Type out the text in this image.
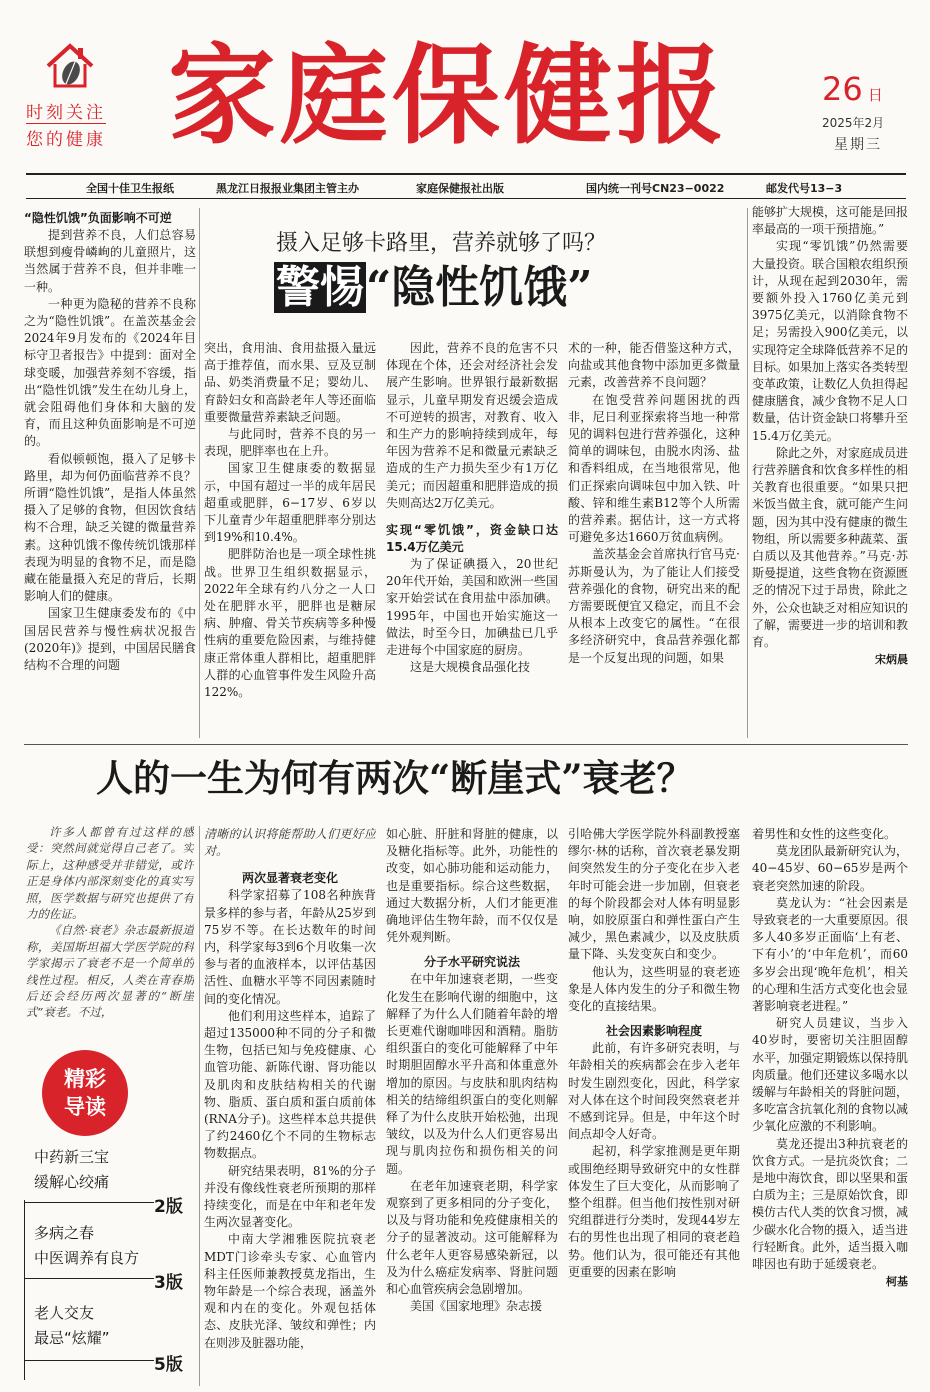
时刻关注
您的健康 家庭保健报	26 日
2025年2月
星期三
全国十佳卫生报纸	黑龙江日报报业集团主管主办	家庭保健报社出版	国内统一刊号CN23−0022	邮发代号13−3
摄入足够卡路里，营养就够了吗？
警惕“隐性饥饿”

“隐性饥饿”负面影响不可逆

提到营养不良，人们总容易联想到瘦骨嶙峋的儿童照片，这当然属于营养不良，但并非唯一一种。

一种更为隐秘的营养不良称之为“隐性饥饿”。在盖茨基金会2024年9月发布的《2024年目标守卫者报告》中提到：面对全球变暖，加强营养刻不容缓，指出“隐性饥饿”发生在幼儿身上，就会阻碍他们身体和大脑的发育，而且这种负面影响是不可逆的。

看似顿顿饱，摄入了足够卡路里，却为何仍面临营养不良？所谓“隐性饥饿”，是指人体虽然摄入了足够的食物，但因饮食结构不合理，缺乏关键的微量营养素。这种饥饿不像传统饥饿那样表现为明显的食物不足，而是隐藏在能量摄入充足的背后，长期影响人们的健康。

国家卫生健康委发布的《中国居民营养与慢性病状况报告(2020年)》提到，中国居民膳食结构不合理的问题

突出，食用油、食用盐摄入量远高于推荐值，而水果、豆及豆制品、奶类消费量不足；婴幼儿、育龄妇女和高龄老年人等还面临重要微量营养素缺乏问题。

与此同时，营养不良的另一表现，肥胖率也在上升。

国家卫生健康委的数据显示，中国有超过一半的成年居民超重或肥胖，6−17岁、6岁以下儿童青少年超重肥胖率分别达到19%和10.4%。

肥胖防治也是一项全球性挑战。世界卫生组织数据显示，2022年全球有约八分之一人口处在肥胖水平，肥胖也是糖尿病、肿瘤、骨关节疾病等多种慢性病的重要危险因素，与维持健康正常体重人群相比，超重肥胖人群的心血管事件发生风险升高122%。

因此，营养不良的危害不只体现在个体，还会对经济社会发展产生影响。世界银行最新数据显示，儿童早期发育迟缓会造成不可逆转的损害，对教育、收入和生产力的影响持续到成年，每年因为营养不足和微量元素缺乏造成的生产力损失至少有1万亿美元；而因超重和肥胖造成的损失则高达2万亿美元。

实现“零饥饿”，资金缺口达15.4万亿美元

为了保证碘摄入，20世纪20年代开始，美国和欧洲一些国家开始尝试在食用盐中添加碘。1995年，中国也开始实施这一做法，时至今日，加碘盐已几乎走进每个中国家庭的厨房。

这是大规模食品强化技

术的一种，能否借鉴这种方式，向盐或其他食物中添加更多微量元素，改善营养不良问题？

在饱受营养问题困扰的西非，尼日利亚探索将当地一种常见的调料包进行营养强化，这种简单的调味包，由脱水肉汤、盐和香料组成，在当地很常见，他们正探索向调味包中加入铁、叶酸、锌和维生素B12等个人所需的营养素。据估计，这一方式将可避免多达1660万贫血病例。

盖茨基金会首席执行官马克·苏斯曼认为，为了能让人们接受营养强化的食物，研究出来的配方需要既便宜又稳定，而且不会从根本上改变它的属性。“在很多经济研究中，食品营养强化都是一个反复出现的问题，如果

能够扩大规模，这可能是回报率最高的一项干预措施。”

实现“零饥饿”仍然需要大量投资。联合国粮农组织预计，从现在起到2030年，需要额外投入1760亿美元到3975亿美元，以消除食物不足；另需投入900亿美元，以实现符定全球降低营养不足的目标。如果加上落实各类转型变革政策，让数亿人负担得起健康膳食，减少食物不足人口数量，估计资金缺口将攀升至15.4万亿美元。

除此之外，对家庭成员进行营养膳食和饮食多样性的相关教育也很重要。“如果只把米饭当做主食，就可能产生问题，因为其中没有健康的微生物组，所以需要多种蔬菜、蛋白质以及其他营养。”马克·苏斯曼提道，这些食物在资源匮乏的情况下过于昂贵，除此之外，公众也缺乏对相应知识的了解，需要进一步的培训和教育。

宋炳晨

人的一生为何有两次“断崖式”衰老？

许多人都曾有过这样的感受：突然间就觉得自己老了。实际上，这种感受并非错觉，或许正是身体内部深刻变化的真实写照，医学数据与研究也提供了有力的佐证。

《自然·衰老》杂志最新报道称，美国斯坦福大学医学院的科学家揭示了衰老不是一个简单的线性过程。相反，人类在青春期后还会经历两次显著的“断崖式”衰老。不过，

精彩
导读
中药新三宝
缓解心绞痛
2版
多病之春
中医调养有良方
3版
老人交友
最忌“炫耀”
5版

清晰的认识将能帮助人们更好应对。

两次显著衰老变化

科学家招募了108名种族背景多样的参与者，年龄从25岁到75岁不等。在长达数年的时间内，科学家每3到6个月收集一次参与者的血液样本，以评估基因活性、血糖水平等不同因素随时间的变化情况。

他们利用这些样本，追踪了超过135000种不同的分子和微生物，包括已知与免疫健康、心血管功能、新陈代谢、肾功能以及肌肉和皮肤结构相关的代谢物、脂质、蛋白质和蛋白质前体(RNA分子)。这些样本总共提供了约2460亿个不同的生物标志物数据点。

研究结果表明，81%的分子并没有像线性衰老所预期的那样持续变化，而是在中年和老年发生两次显著变化。

中南大学湘雅医院抗衰老MDT门诊牵头专家、心血管内科主任医师兼教授莫龙指出，生物年龄是一个综合表现，涵盖外观和内在的变化。外观包括体态、皮肤光泽、皱纹和弹性；内在则涉及脏器功能，

如心脏、肝脏和肾脏的健康，以及糖化指标等。此外，功能性的改变，如心肺功能和运动能力，也是重要指标。综合这些数据，通过大数据分析，人们才能更准确地评估生物年龄，而不仅仅是凭外观判断。

分子水平研究说法

在中年加速衰老期，一些变化发生在影响代谢的细胞中，这解释了为什么人们随着年龄的增长更难代谢咖啡因和酒精。脂肪组织蛋白的变化可能解释了中年时期胆固醇水平升高和体重意外增加的原因。与皮肤和肌肉结构相关的结缔组织蛋白的变化则解释了为什么皮肤开始松弛，出现皱纹，以及为什么人们更容易出现与肌肉拉伤和损伤相关的问题。

在老年加速衰老期，科学家观察到了更多相同的分子变化，以及与肾功能和免疫健康相关的分子的显著波动。这可能解释为什么老年人更容易感染新冠，以及为什么癌症发病率、肾脏问题和心血管疾病会急剧增加。

美国《国家地理》杂志援

引哈佛大学医学院外科副教授塞缪尔·林的话称，首次衰老暴发期间突然发生的分子变化在步入老年时可能会进一步加剧，但衰老的每个阶段都会对人体有明显影响，如胶原蛋白和弹性蛋白产生减少，黑色素减少，以及皮肤质量下降、头发变灰白和变少。

他认为，这些明显的衰老迹象是人体内发生的分子和微生物变化的直接结果。

社会因素影响程度

此前，有许多研究表明，与年龄相关的疾病都会在步入老年时发生剧烈变化，因此，科学家对人体在这个时间段突然衰老并不感到诧异。但是，中年这个时间点却令人好奇。

起初，科学家推测是更年期或围绝经期导致研究中的女性群体发生了巨大变化，从而影响了整个组群。但当他们按性别对研究组群进行分类时，发现44岁左右的男性也出现了相同的衰老趋势。他们认为，很可能还有其他更重要的因素在影响

着男性和女性的这些变化。

莫龙团队最新研究认为，40−45岁、60−65岁是两个衰老突然加速的阶段。

莫龙认为：“社会因素是导致衰老的一大重要原因。很多人40多岁正面临‘上有老、下有小’的‘中年危机’，而60多岁会出现‘晚年危机’，相关的心理和生活方式变化也会显著影响衰老进程。”

研究人员建议，当步入40岁时，要密切关注胆固醇水平，加强定期锻炼以保持肌肉质量。他们还建议多喝水以缓解与年龄相关的肾脏问题，多吃富含抗氧化剂的食物以减少氧化应激的不利影响。

莫龙还提出3种抗衰老的饮食方式。一是抗炎饮食；二是地中海饮食，即以坚果和蛋白质为主；三是原始饮食，即模仿古代人类的饮食习惯，减少碳水化合物的摄入，适当进行轻断食。此外，适当摄入咖啡因也有助于延缓衰老。

柯基
